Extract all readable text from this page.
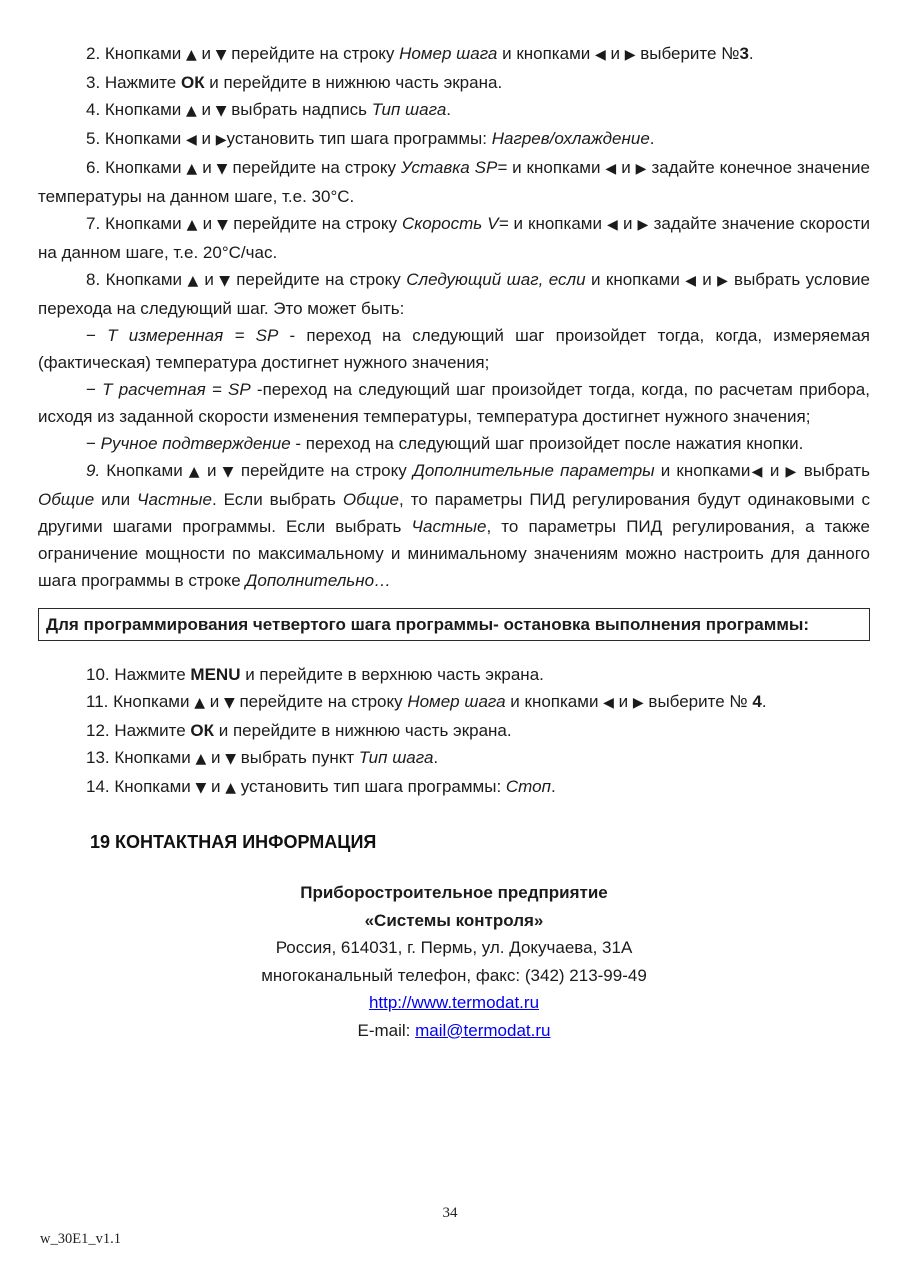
2. Кнопками ▲ и ▼ перейдите на строку Номер шага и кнопками ◀ и ▶ выберите №3.

3. Нажмите ОК и перейдите в нижнюю часть экрана.

4. Кнопками ▲ и ▼ выбрать надпись Тип шага.

5. Кнопками ◀ и ▶установить тип шага программы: Нагрев/охлаждение.

6. Кнопками ▲ и ▼ перейдите на строку Уставка SP= и кнопками ◀ и ▶ задайте конечное значение температуры на данном шаге, т.е. 30°С.

7. Кнопками ▲ и ▼ перейдите на строку Скорость V= и кнопками ◀ и ▶ задайте значение скорости на данном шаге, т.е. 20°С/час.

8. Кнопками ▲ и ▼ перейдите на строку Следующий шаг, если и кнопками ◀ и ▶ выбрать условие перехода на следующий шаг. Это может быть:

− Т измеренная = SP - переход на следующий шаг произойдет тогда, когда, измеряемая (фактическая) температура достигнет нужного значения;

− Т расчетная = SP -переход на следующий шаг произойдет тогда, когда, по расчетам прибора, исходя из заданной скорости изменения температуры, температура достигнет нужного значения;

− Ручное подтверждение - переход на следующий шаг произойдет после нажатия кнопки.

9. Кнопками ▲ и ▼ перейдите на строку Дополнительные параметры и кнопками◀ и ▶ выбрать Общие или Частные. Если выбрать Общие, то параметры ПИД регулирования будут одинаковыми с другими шагами программы. Если выбрать Частные, то параметры ПИД регулирования, а также ограничение мощности по максимальному и минимальному значениям можно настроить для данного шага программы в строке Дополнительно…

Для программирования четвертого шага программы- остановка выполнения программы:

10. Нажмите MENU и перейдите в верхнюю часть экрана.

11. Кнопками ▲ и ▼ перейдите на строку Номер шага и кнопками ◀ и ▶ выберите № 4.

12. Нажмите ОК и перейдите в нижнюю часть экрана.

13. Кнопками ▲ и ▼ выбрать пункт Тип шага.

14. Кнопками ▼ и ▲ установить тип шага программы: Стоп.

19 КОНТАКТНАЯ ИНФОРМАЦИЯ

Приборостроительное предприятие

«Системы контроля»

Россия, 614031, г. Пермь, ул. Докучаева, 31А

многоканальный телефон, факс: (342) 213-99-49

http://www.termodat.ru

E-mail: mail@termodat.ru

34
w_30E1_v1.1
